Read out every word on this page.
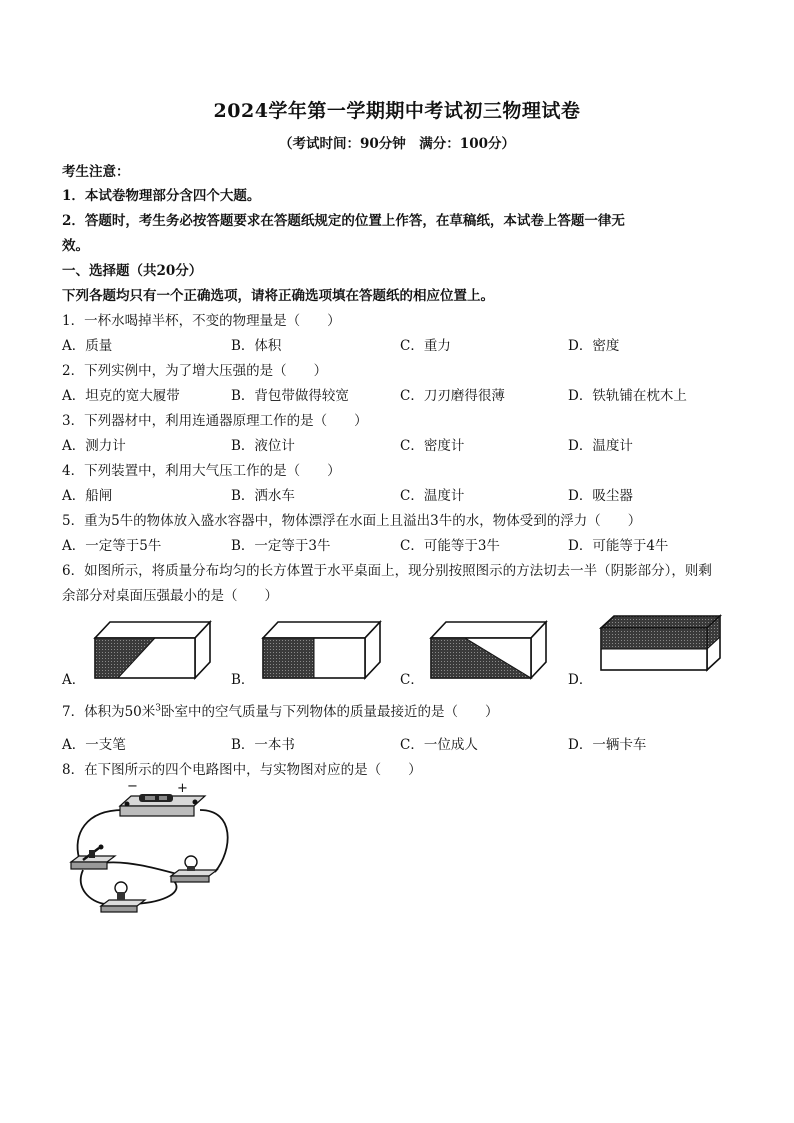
2024学年第一学期期中考试初三物理试卷
（考试时间：90分钟　满分：100分）
考生注意：
1．本试卷物理部分含四个大题。
2．答题时，考生务必按答题要求在答题纸规定的位置上作答，在草稿纸，本试卷上答题一律无
效。
一、选择题（共20分）
下列各题均只有一个正确选项，请将正确选项填在答题纸的相应位置上。
1．一杯水喝掉半杯，不变的物理量是（　　）
A．质量	B．体积	C．重力	D．密度
2．下列实例中，为了增大压强的是（　　）
A．坦克的宽大履带	B．背包带做得较宽	C．刀刃磨得很薄	D．铁轨铺在枕木上
3．下列器材中，利用连通器原理工作的是（　　）
A．测力计	B．液位计	C．密度计	D．温度计
4．下列装置中，利用大气压工作的是（　　）
A．船闸	B．洒水车	C．温度计	D．吸尘器
5．重为5牛的物体放入盛水容器中，物体漂浮在水面上且溢出3牛的水，物体受到的浮力（　　）
A．一定等于5牛	B．一定等于3牛	C．可能等于3牛	D．可能等于4牛
6．如图所示，将质量分布均匀的长方体置于水平桌面上，现分别按照图示的方法切去一半（阴影部分），则剩
余部分对桌面压强最小的是（　　）
A．	B．	C．	D．
7．体积为50米$^3$卧室中的空气质量与下列物体的质量最接近的是（　　）
A．一支笔	B．一本书	C．一位成人	D．一辆卡车
8．在下图所示的四个电路图中，与实物图对应的是（　　）
−	+
